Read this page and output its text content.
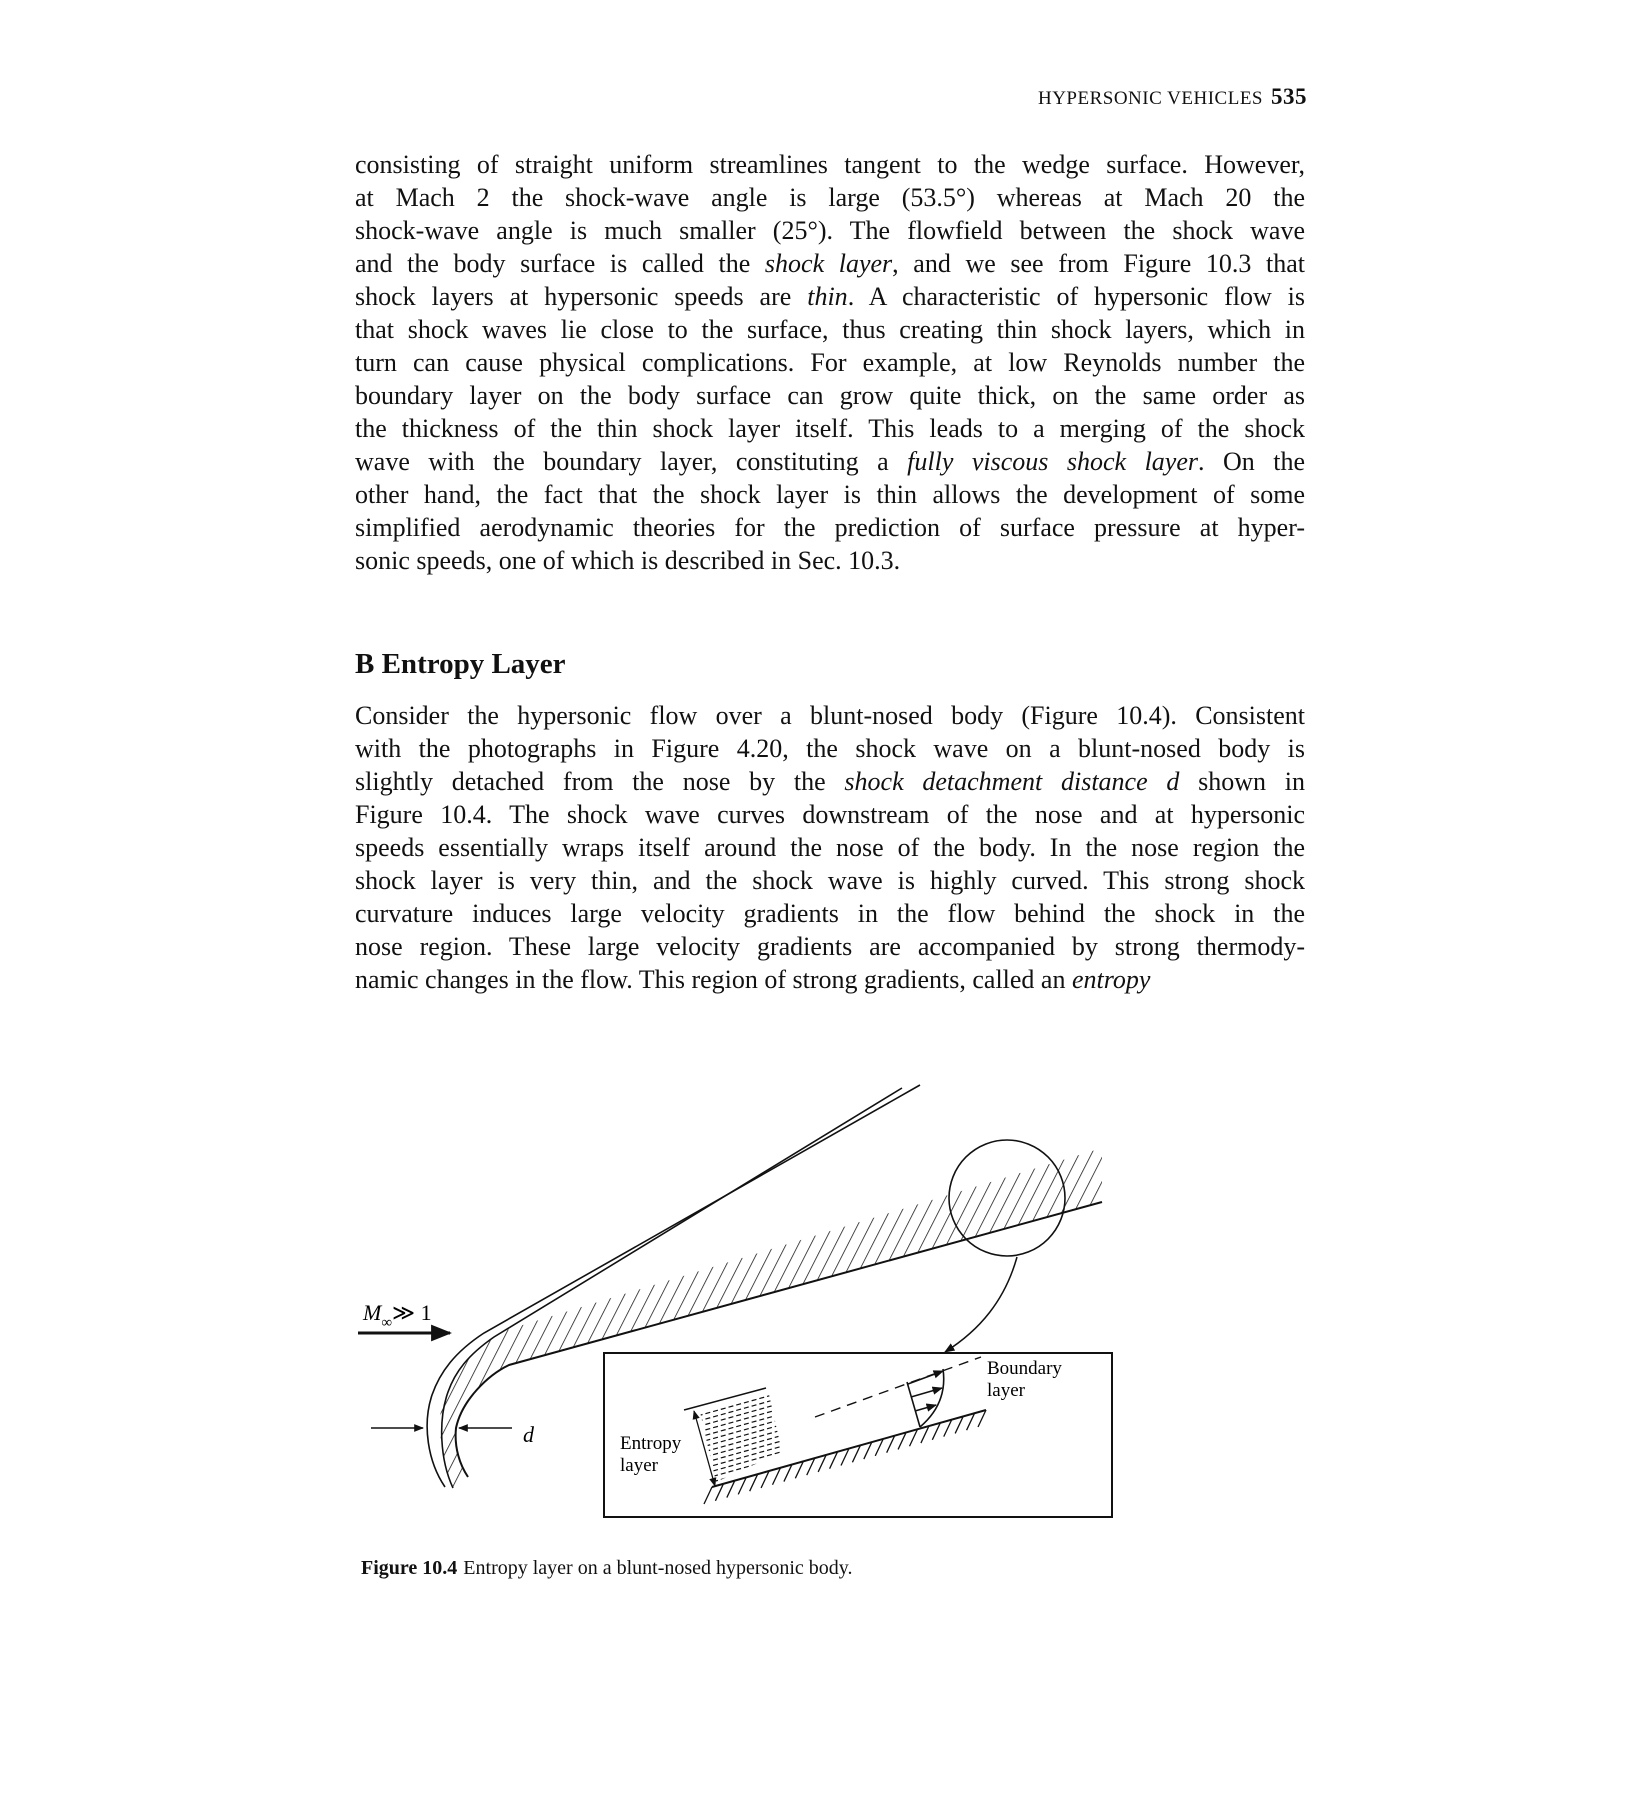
HYPERSONIC VEHICLES 535
consisting of straight uniform streamlines tangent to the wedge surface. However,
at Mach 2 the shock-wave angle is large (53.5°) whereas at Mach 20 the
shock-wave angle is much smaller (25°). The flowfield between the shock wave
and the body surface is called the shock layer, and we see from Figure 10.3 that
shock layers at hypersonic speeds are thin. A characteristic of hypersonic flow is
that shock waves lie close to the surface, thus creating thin shock layers, which in
turn can cause physical complications. For example, at low Reynolds number the
boundary layer on the body surface can grow quite thick, on the same order as
the thickness of the thin shock layer itself. This leads to a merging of the shock
wave with the boundary layer, constituting a fully viscous shock layer. On the
other hand, the fact that the shock layer is thin allows the development of some
simplified aerodynamic theories for the prediction of surface pressure at hyper-
sonic speeds, one of which is described in Sec. 10.3.
B Entropy Layer
Consider the hypersonic flow over a blunt-nosed body (Figure 10.4). Consistent
with the photographs in Figure 4.20, the shock wave on a blunt-nosed body is
slightly detached from the nose by the shock detachment distance d shown in
Figure 10.4. The shock wave curves downstream of the nose and at hypersonic
speeds essentially wraps itself around the nose of the body. In the nose region the
shock layer is very thin, and the shock wave is highly curved. This strong shock
curvature induces large velocity gradients in the flow behind the shock in the
nose region. These large velocity gradients are accompanied by strong thermody-
namic changes in the flow. This region of strong gradients, called an entropy
$M_\infty≫$ 1
d
Boundary
layer
Entropy
layer
Figure 10.4 Entropy layer on a blunt-nosed hypersonic body.
